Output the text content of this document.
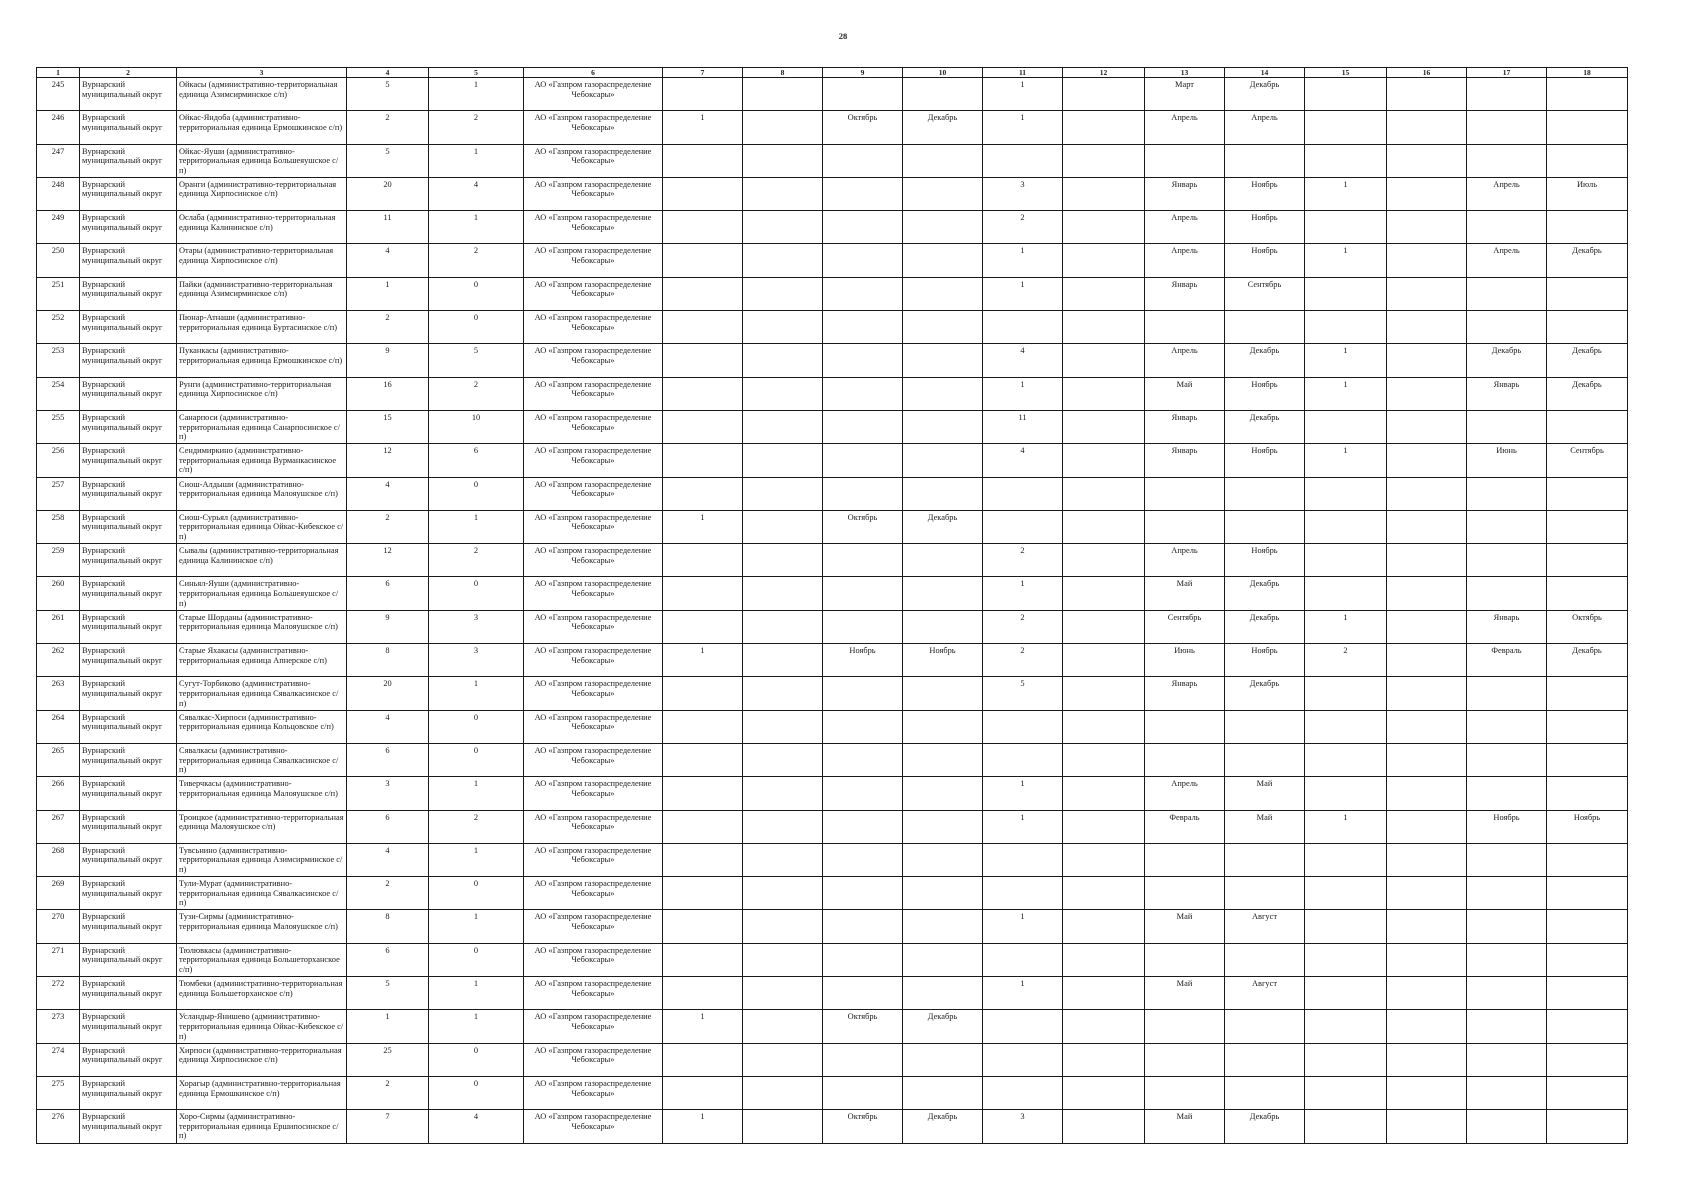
28
1	2	3	4	5	6	7	8	9	10	11	12	13	14	15	16	17	18

245	Вурнарский муниципальный округ	Ойкасы (административно-территориальная единица Азимсирминское с/п)	5	1	АО «Газпром газораспределение Чебоксары»					1		Март	Декабрь				

246	Вурнарский муниципальный округ	Ойкас-Яндоба (административно-территориальная единица Ермошкинское с/п)	2	2	АО «Газпром газораспределение Чебоксары»	1		Октябрь	Декабрь	1		Апрель	Апрель				

247	Вурнарский муниципальный округ	Ойкас-Яуши (административно-территориальная единица Большеяушское с/п)	5	1	АО «Газпром газораспределение Чебоксары»												

248	Вурнарский муниципальный округ	Оранги (административно-территориальная единица Хирпосинское с/п)	20	4	АО «Газпром газораспределение Чебоксары»					3		Январь	Ноябрь	1		Апрель	Июль

249	Вурнарский муниципальный округ	Ослаба (административно-территориальная единица Калининское с/п)	11	1	АО «Газпром газораспределение Чебоксары»					2		Апрель	Ноябрь				

250	Вурнарский муниципальный округ	Отары (административно-территориальная единица Хирпосинское с/п)	4	2	АО «Газпром газораспределение Чебоксары»					1		Апрель	Ноябрь	1		Апрель	Декабрь

251	Вурнарский муниципальный округ	Пайки (административно-территориальная единица Азимсирминское с/п)	1	0	АО «Газпром газораспределение Чебоксары»					1		Январь	Сентябрь				

252	Вурнарский муниципальный округ	Пюнар-Атнаши (административно-территориальная единица Буртасинское с/п)	2	0	АО «Газпром газораспределение Чебоксары»												

253	Вурнарский муниципальный округ	Пуканкасы (административно-территориальная единица Ермошкинское с/п)	9	5	АО «Газпром газораспределение Чебоксары»					4		Апрель	Декабрь	1		Декабрь	Декабрь

254	Вурнарский муниципальный округ	Рунги (административно-территориальная единица Хирпосинское с/п)	16	2	АО «Газпром газораспределение Чебоксары»					1		Май	Ноябрь	1		Январь	Декабрь

255	Вурнарский муниципальный округ	Санарпоси (административно-территориальная единица Санарпосинское с/п)	15	10	АО «Газпром газораспределение Чебоксары»					11		Январь	Декабрь				

256	Вурнарский муниципальный округ	Сендимиркино (административно-территориальная единица Вурманкасинское с/п)	12	6	АО «Газпром газораспределение Чебоксары»					4		Январь	Ноябрь	1		Июнь	Сентябрь

257	Вурнарский муниципальный округ	Сиош-Алдыши (административно-территориальная единица Малояушское с/п)	4	0	АО «Газпром газораспределение Чебоксары»												

258	Вурнарский муниципальный округ	Сиош-Сурьял (административно-территориальная единица Ойкас-Кибекское с/п)	2	1	АО «Газпром газораспределение Чебоксары»	1		Октябрь	Декабрь								

259	Вурнарский муниципальный округ	Сывалы (административно-территориальная единица Калининское с/п)	12	2	АО «Газпром газораспределение Чебоксары»					2		Апрель	Ноябрь				

260	Вурнарский муниципальный округ	Синьял-Яуши (административно-территориальная единица Большеяушское с/п)	6	0	АО «Газпром газораспределение Чебоксары»					1		Май	Декабрь				

261	Вурнарский муниципальный округ	Старые Шорданы (административно-территориальная единица Малояушское с/п)	9	3	АО «Газпром газораспределение Чебоксары»					2		Сентябрь	Декабрь	1		Январь	Октябрь

262	Вурнарский муниципальный округ	Старые Яхакасы (административно-территориальная единица Апнерское с/п)	8	3	АО «Газпром газораспределение Чебоксары»	1		Ноябрь	Ноябрь	2		Июнь	Ноябрь	2		Февраль	Декабрь

263	Вурнарский муниципальный округ	Сугут-Торбиково (административно-территориальная единица Сявалкасинское с/п)	20	1	АО «Газпром газораспределение Чебоксары»					5		Январь	Декабрь				

264	Вурнарский муниципальный округ	Сявалкас-Хирпоси (административно-территориальная единица Кольцовское с/п)	4	0	АО «Газпром газораспределение Чебоксары»												

265	Вурнарский муниципальный округ	Сявалкасы (административно-территориальная единица Сявалкасинское с/п)	6	0	АО «Газпром газораспределение Чебоксары»												

266	Вурнарский муниципальный округ	Тиверчкасы (административно-территориальная единица Малояушское с/п)	3	1	АО «Газпром газораспределение Чебоксары»					1		Апрель	Май				

267	Вурнарский муниципальный округ	Троицкое (административно-территориальная единица Малояушское с/п)	6	2	АО «Газпром газораспределение Чебоксары»					1		Февраль	Май	1		Ноябрь	Ноябрь

268	Вурнарский муниципальный округ	Тувсьнино (административно-территориальная единица Азимсирминское с/п)	4	1	АО «Газпром газораспределение Чебоксары»												

269	Вурнарский муниципальный округ	Тули-Мурат (административно-территориальная единица Сявалкасинское с/п)	2	0	АО «Газпром газораспределение Чебоксары»												

270	Вурнарский муниципальный округ	Тузи-Сирмы (административно-территориальная единица Малояушское с/п)	8	1	АО «Газпром газораспределение Чебоксары»					1		Май	Август				

271	Вурнарский муниципальный округ	Тюлювкасы (административно-территориальная единица Большеторханское с/п)	6	0	АО «Газпром газораспределение Чебоксары»												

272	Вурнарский муниципальный округ	Тюмбеки (административно-территориальная единица Большеторханское с/п)	5	1	АО «Газпром газораспределение Чебоксары»					1		Май	Август				

273	Вурнарский муниципальный округ	Усландыр-Янишево (административно-территориальная единица Ойкас-Кибекское с/п)	1	1	АО «Газпром газораспределение Чебоксары»	1		Октябрь	Декабрь								

274	Вурнарский муниципальный округ	Хирпоси (административно-территориальная единица Хирпосинское с/п)	25	0	АО «Газпром газораспределение Чебоксары»												

275	Вурнарский муниципальный округ	Хорагыр (административно-территориальная единица Ермошкинское с/п)	2	0	АО «Газпром газораспределение Чебоксары»												

276	Вурнарский муниципальный округ	Хоро-Сирмы (административно-территориальная единица Ершипосинское с/п)	7	4	АО «Газпром газораспределение Чебоксары»	1		Октябрь	Декабрь	3		Май	Декабрь				
